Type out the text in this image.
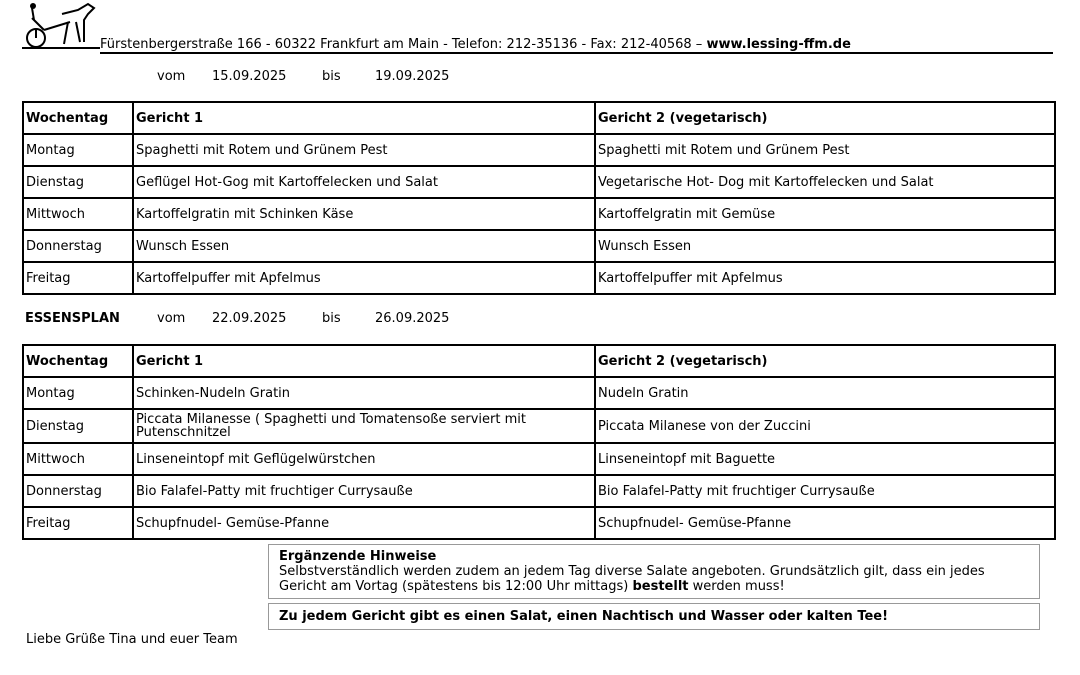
Fürstenbergerstraße 166 - 60322 Frankfurt am Main - Telefon: 212-35136 - Fax: 212-40568 – www.lessing-ffm.de
vom 15.09.2025	bis	19.09.2025
Wochentag	Gericht 1	Gericht 2 (vegetarisch)
Montag	Spaghetti mit Rotem und Grünem Pest	Spaghetti mit Rotem und Grünem Pest
Dienstag	Geflügel Hot-Gog mit Kartoffelecken und Salat	Vegetarische Hot- Dog mit Kartoffelecken und Salat
Mittwoch	Kartoffelgratin mit Schinken Käse	Kartoffelgratin mit Gemüse
Donnerstag	Wunsch Essen	Wunsch Essen
Freitag	Kartoffelpuffer mit Apfelmus	Kartoffelpuffer mit Apfelmus
ESSENSPLAN	vom 22.09.2025	bis	26.09.2025
Wochentag	Gericht 1	Gericht 2 (vegetarisch)
Montag	Schinken-Nudeln Gratin	Nudeln Gratin
Dienstag	Piccata Milanesse ( Spaghetti und Tomatensoße serviert mit Putenschnitzel	Piccata Milanese von der Zuccini
Mittwoch	Linseneintopf mit Geflügelwürstchen	Linseneintopf mit Baguette
Donnerstag	Bio Falafel-Patty mit fruchtiger Currysauße	Bio Falafel-Patty mit fruchtiger Currysauße
Freitag	Schupfnudel- Gemüse-Pfanne	Schupfnudel- Gemüse-Pfanne
Ergänzende Hinweise
Selbstverständlich werden zudem an jedem Tag diverse Salate angeboten. Grundsätzlich gilt, dass ein jedes Gericht am Vortag (spätestens bis 12:00 Uhr mittags) bestellt werden muss!
Zu jedem Gericht gibt es einen Salat, einen Nachtisch und Wasser oder kalten Tee!
Liebe Grüße Tina und euer Team
